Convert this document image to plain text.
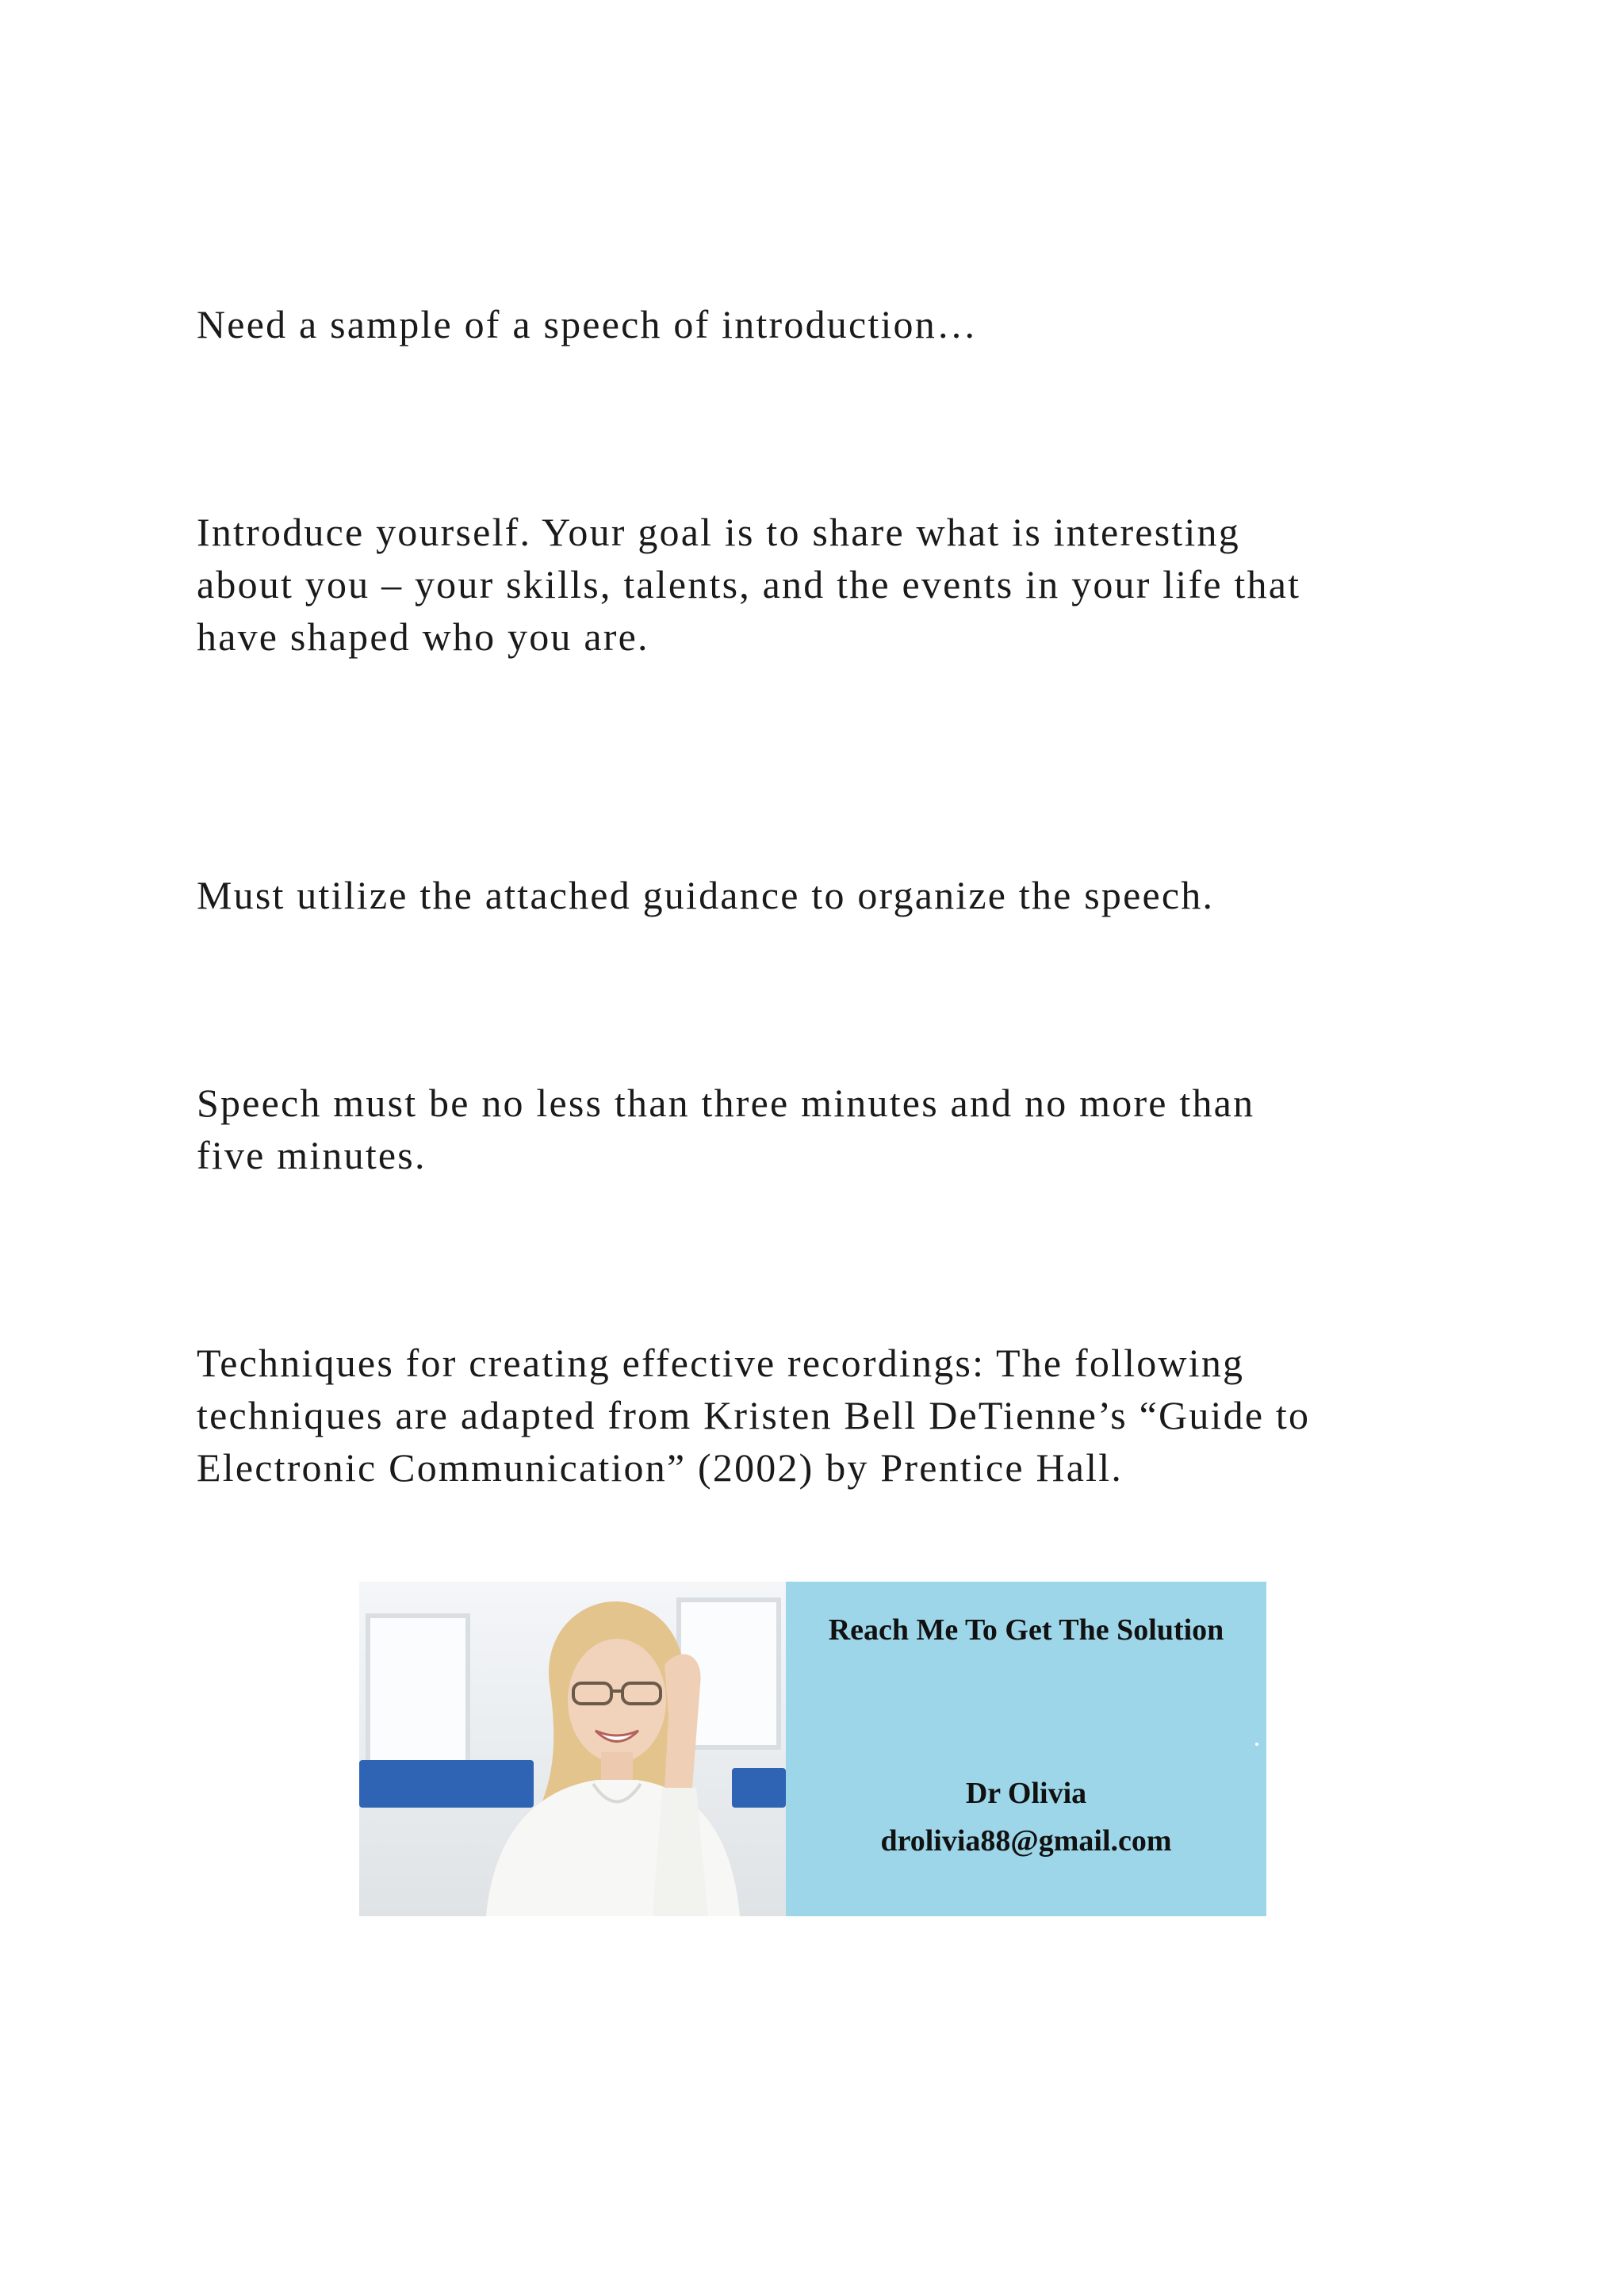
Need a sample of a speech of introduction…

Introduce yourself. Your goal is to share what is interesting
about you – your skills, talents, and the events in your life that
have shaped who you are.

Must utilize the attached guidance to organize the speech.

Speech must be no less than three minutes and no more than
five minutes.

Techniques for creating effective recordings: The following
techniques are adapted from Kristen Bell DeTienne’s “Guide to
Electronic Communication” (2002) by Prentice Hall.

Reach Me To Get The Solution
Dr Olivia
drolivia88@gmail.com
